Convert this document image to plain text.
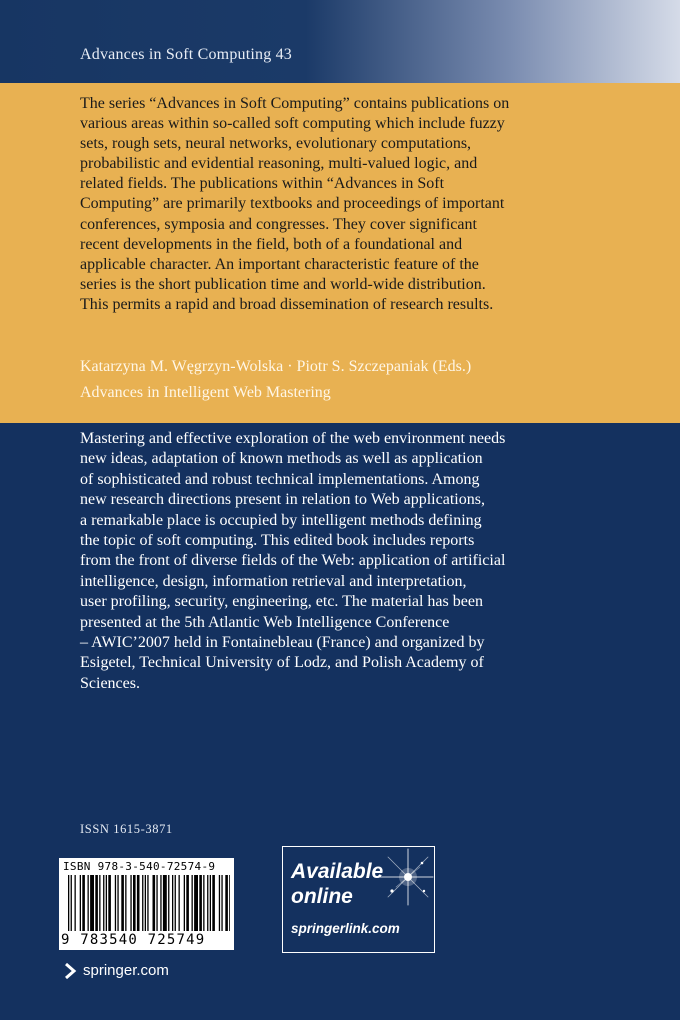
Advances in Soft Computing 43

The series “Advances in Soft Computing” contains publications on
various areas within so-called soft computing which include fuzzy
sets, rough sets, neural networks, evolutionary computations,
probabilistic and evidential reasoning, multi-valued logic, and
related fields. The publications within “Advances in Soft
Computing” are primarily textbooks and proceedings of important
conferences, symposia and congresses. They cover significant
recent developments in the field, both of a foundational and
applicable character. An important characteristic feature of the
series is the short publication time and world-wide distribution.
This permits a rapid and broad dissemination of research results.

Katarzyna M. Węgrzyn-Wolska · Piotr S. Szczepaniak (Eds.)
Advances in Intelligent Web Mastering

Mastering and effective exploration of the web environment needs
new ideas, adaptation of known methods as well as application
of sophisticated and robust technical implementations. Among
new research directions present in relation to Web applications,
a remarkable place is occupied by intelligent methods defining
the topic of soft computing. This edited book includes reports
from the front of diverse fields of the Web: application of artificial
intelligence, design, information retrieval and interpretation,
user profiling, security, engineering, etc. The material has been
presented at the 5th Atlantic Web Intelligence Conference
– AWIC’2007 held in Fontainebleau (France) and organized by
Esigetel, Technical University of Lodz, and Polish Academy of
Sciences.

ISSN 1615-3871
ISBN 978-3-540-72574-9
9 783540 725749
springer.com
Available
online
springerlink.com
